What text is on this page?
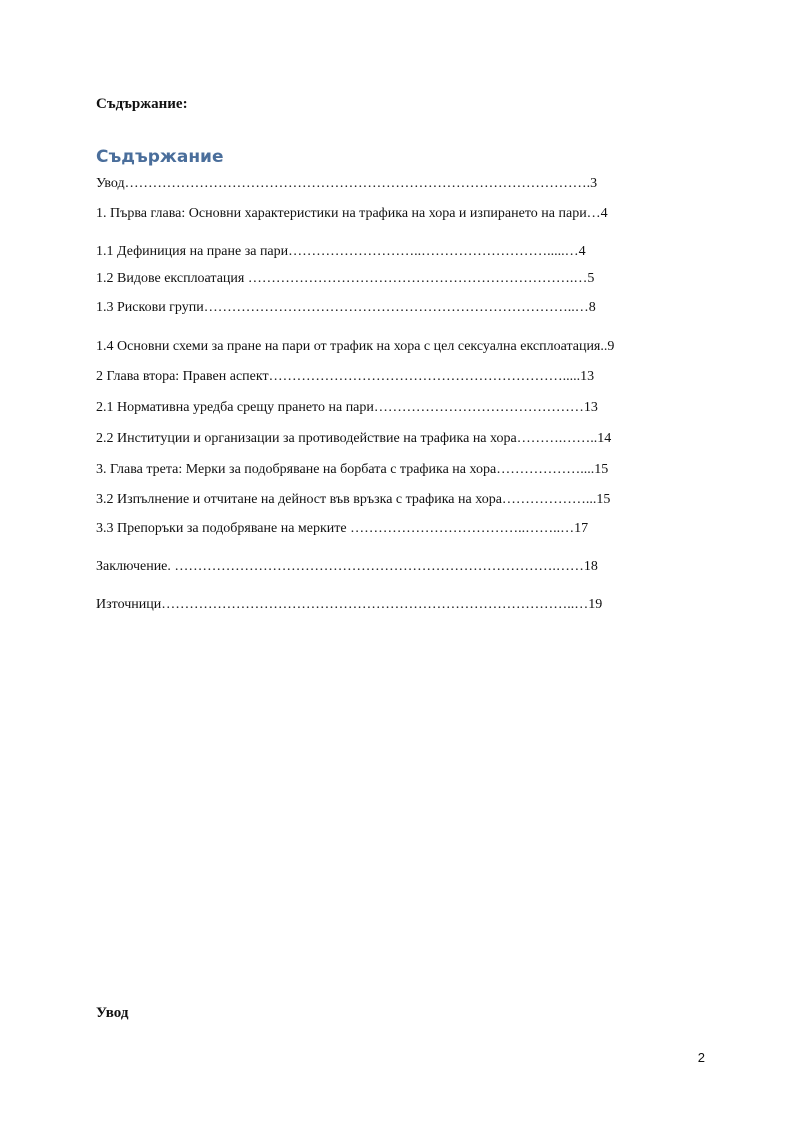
Съдържание:
Съдържание
Увод……………………………………………………………………………………….3
1. Първа глава: Основни характеристики на трафика на хора и изпирането на пари…4
1.1 Дефиниция на пране за пари………………………..……………………….....…4
1.2 Видове експлоатация …………………………………………………………….…5
1.3 Рискови групи……………………………………………………………………..…8
1.4 Основни схеми за пране на пари от трафик на хора с цел сексуална експлоатация..9
2 Глава втора: Правен аспект……………………………………………………….....13
2.1 Нормативна уредба срещу прането на пари………………………………………13
2.2 Институции и организации за противодействие на трафика на хора……….……..14
3. Глава трета: Мерки за подобряване на борбата с трафика на хора………………....15
3.2 Изпълнение и отчитане на дейност във връзка с трафика на хора………………...15
3.3 Препоръки за подобряване на мерките ………………………………..……..…17
Заключение. ……………………………………………………………………….……18
Източници……………………………………………………………………………..…19
Увод
2
